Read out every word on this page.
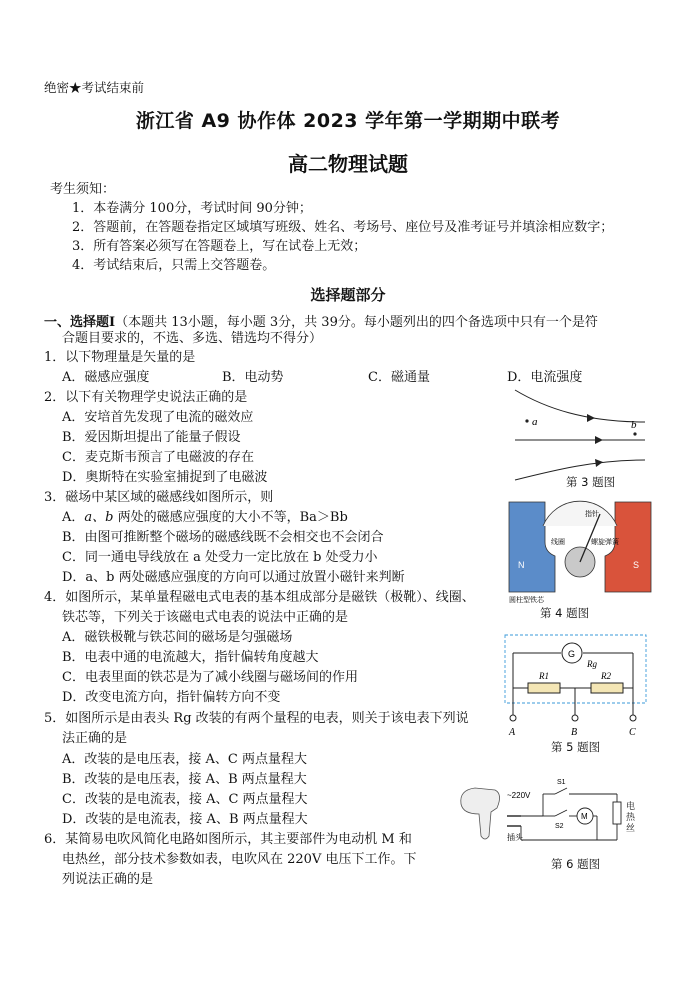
绝密★考试结束前
浙江省 A9 协作体 2023 学年第一学期期中联考
高二物理试题
考生须知：
1．本卷满分 100分，考试时间 90分钟；
2．答题前，在答题卷指定区域填写班级、姓名、考场号、座位号及准考证号并填涂相应数字；
3．所有答案必须写在答题卷上，写在试卷上无效；
4．考试结束后，只需上交答题卷。
选择题部分
一、选择题Ⅰ（本题共 13小题，每小题 3分，共 39分。每小题列出的四个备选项中只有一个是符
合题目要求的，不选、多选、错选均不得分）
1．以下物理量是矢量的是
A．磁感应强度	B．电动势	C．磁通量	D．电流强度
2．以下有关物理学史说法正确的是
A．安培首先发现了电流的磁效应
B．爱因斯坦提出了能量子假设
C．麦克斯韦预言了电磁波的存在
D．奥斯特在实验室捕捉到了电磁波
3．磁场中某区域的磁感线如图所示，则
A．a、b 两处的磁感应强度的大小不等，Ba＞Bb
B．由图可推断整个磁场的磁感线既不会相交也不会闭合
C．同一通电导线放在 a 处受力一定比放在 b 处受力小
D．a、b 两处磁感应强度的方向可以通过放置小磁针来判断
4．如图所示，某单量程磁电式电表的基本组成部分是磁铁（极靴）、线圈、
铁芯等，下列关于该磁电式电表的说法中正确的是
A．磁铁极靴与铁芯间的磁场是匀强磁场
B．电表中通的电流越大，指针偏转角度越大
C．电表里面的铁芯是为了减小线圈与磁场间的作用
D．改变电流方向，指针偏转方向不变
5．如图所示是由表头 Rg 改装的有两个量程的电表，则关于该电表下列说
法正确的是
A．改装的是电压表，接 A、C 两点量程大
B．改装的是电压表，接 A、B 两点量程大
C．改装的是电流表，接 A、C 两点量程大
D．改装的是电流表，接 A、B 两点量程大
6．某简易电吹风简化电路如图所示，其主要部件为电动机 M 和
电热丝，部分技术参数如表，电吹风在 220V 电压下工作。下
列说法正确的是
a	b
第 3 题图
N	S
指针
线圈	螺旋弹簧
圆柱型铁芯
第 4 题图
G
Rg
R1	R2
A	B	C
第 5 题图
~220V
插头
S1
S2
M
电热丝
第 6 题图
